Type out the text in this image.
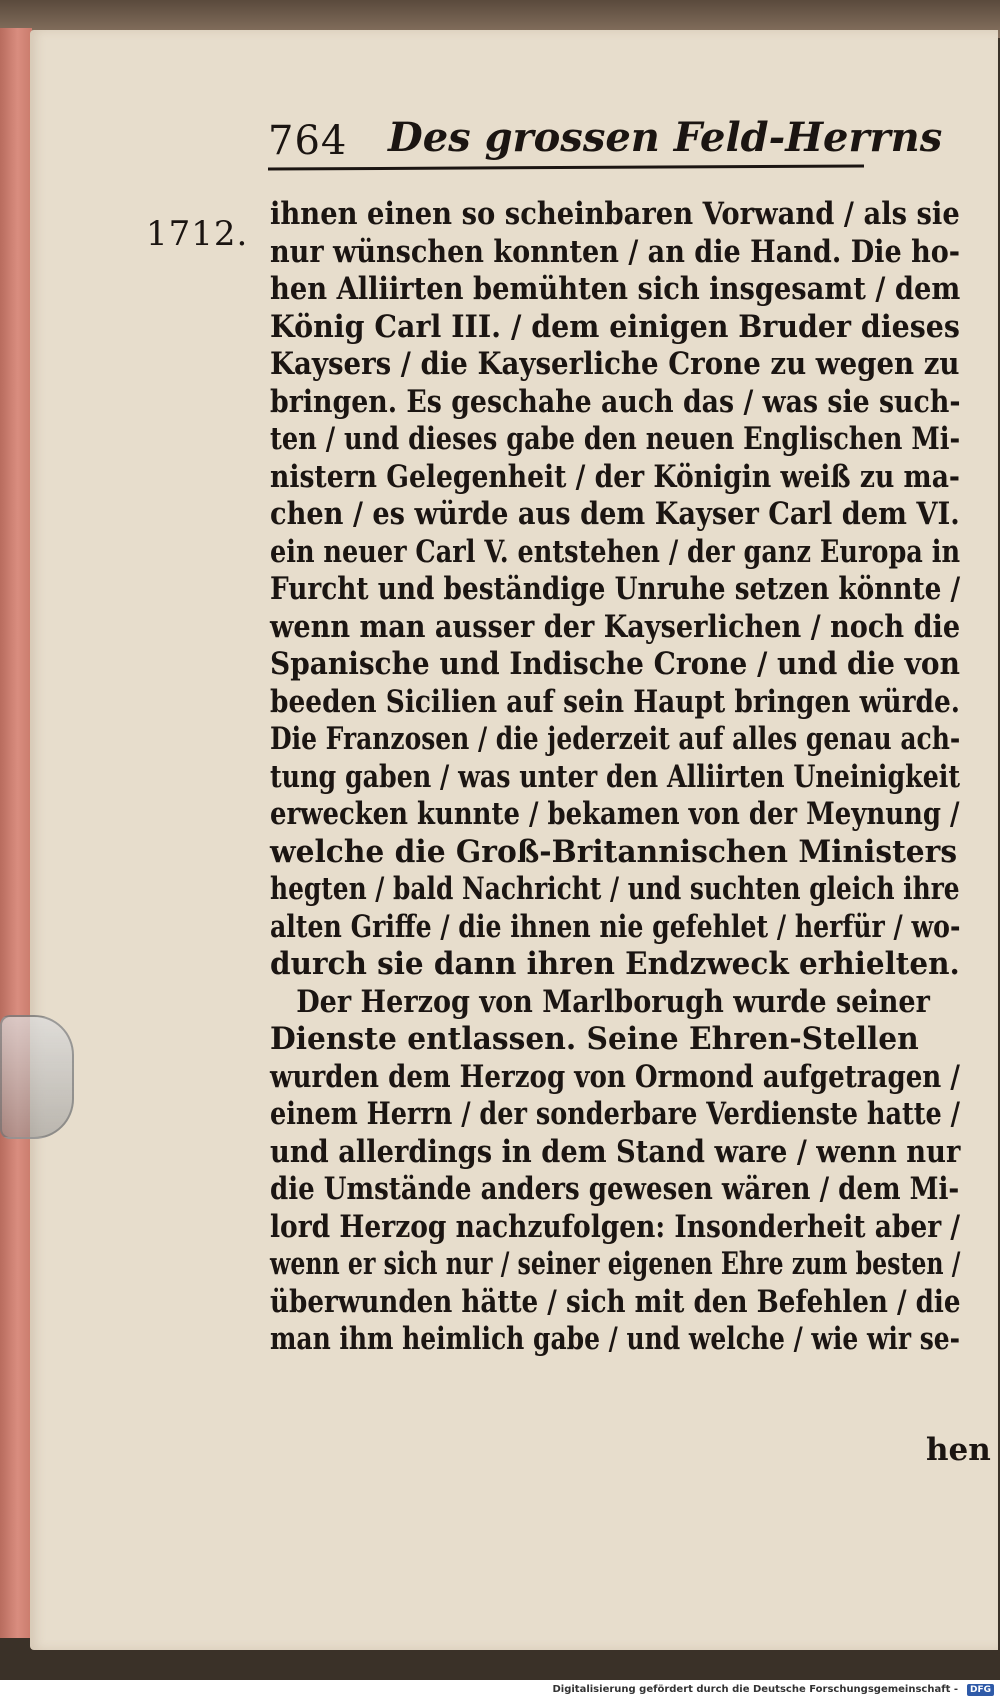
764 Des grossen Feld-Herrns
1712. ihnen einen so scheinbaren Vorwand / als sie
nur wünschen konnten / an die Hand. Die ho-
hen Alliirten bemühten sich insgesamt / dem
König Carl III. / dem einigen Bruder dieses
Kaysers / die Kayserliche Crone zu wegen zu
bringen. Es geschahe auch das / was sie such-
ten / und dieses gabe den neuen Englischen Mi-
nistern Gelegenheit / der Königin weiß zu ma-
chen / es würde aus dem Kayser Carl dem VI.
ein neuer Carl V. entstehen / der ganz Europa in
Furcht und beständige Unruhe setzen könnte /
wenn man ausser der Kayserlichen / noch die
Spanische und Indische Crone / und die von
beeden Sicilien auf sein Haupt bringen würde.
Die Franzosen / die jederzeit auf alles genau ach-
tung gaben / was unter den Alliirten Uneinigkeit
erwecken kunnte / bekamen von der Meynung /
welche die Groß-Britannischen Ministers
hegten / bald Nachricht / und suchten gleich ihre
alten Griffe / die ihnen nie gefehlet / herfür / wo-
durch sie dann ihren Endzweck erhielten.
Der Herzog von Marlborugh wurde seiner
Dienste entlassen. Seine Ehren-Stellen
wurden dem Herzog von Ormond aufgetragen /
einem Herrn / der sonderbare Verdienste hatte /
und allerdings in dem Stand ware / wenn nur
die Umstände anders gewesen wären / dem Mi-
lord Herzog nachzufolgen: Insonderheit aber /
wenn er sich nur / seiner eigenen Ehre zum besten /
überwunden hätte / sich mit den Befehlen / die
man ihm heimlich gabe / und welche / wie wir se-
hen
Digitalisierung gefördert durch die Deutsche Forschungsgemeinschaft -	DFG
